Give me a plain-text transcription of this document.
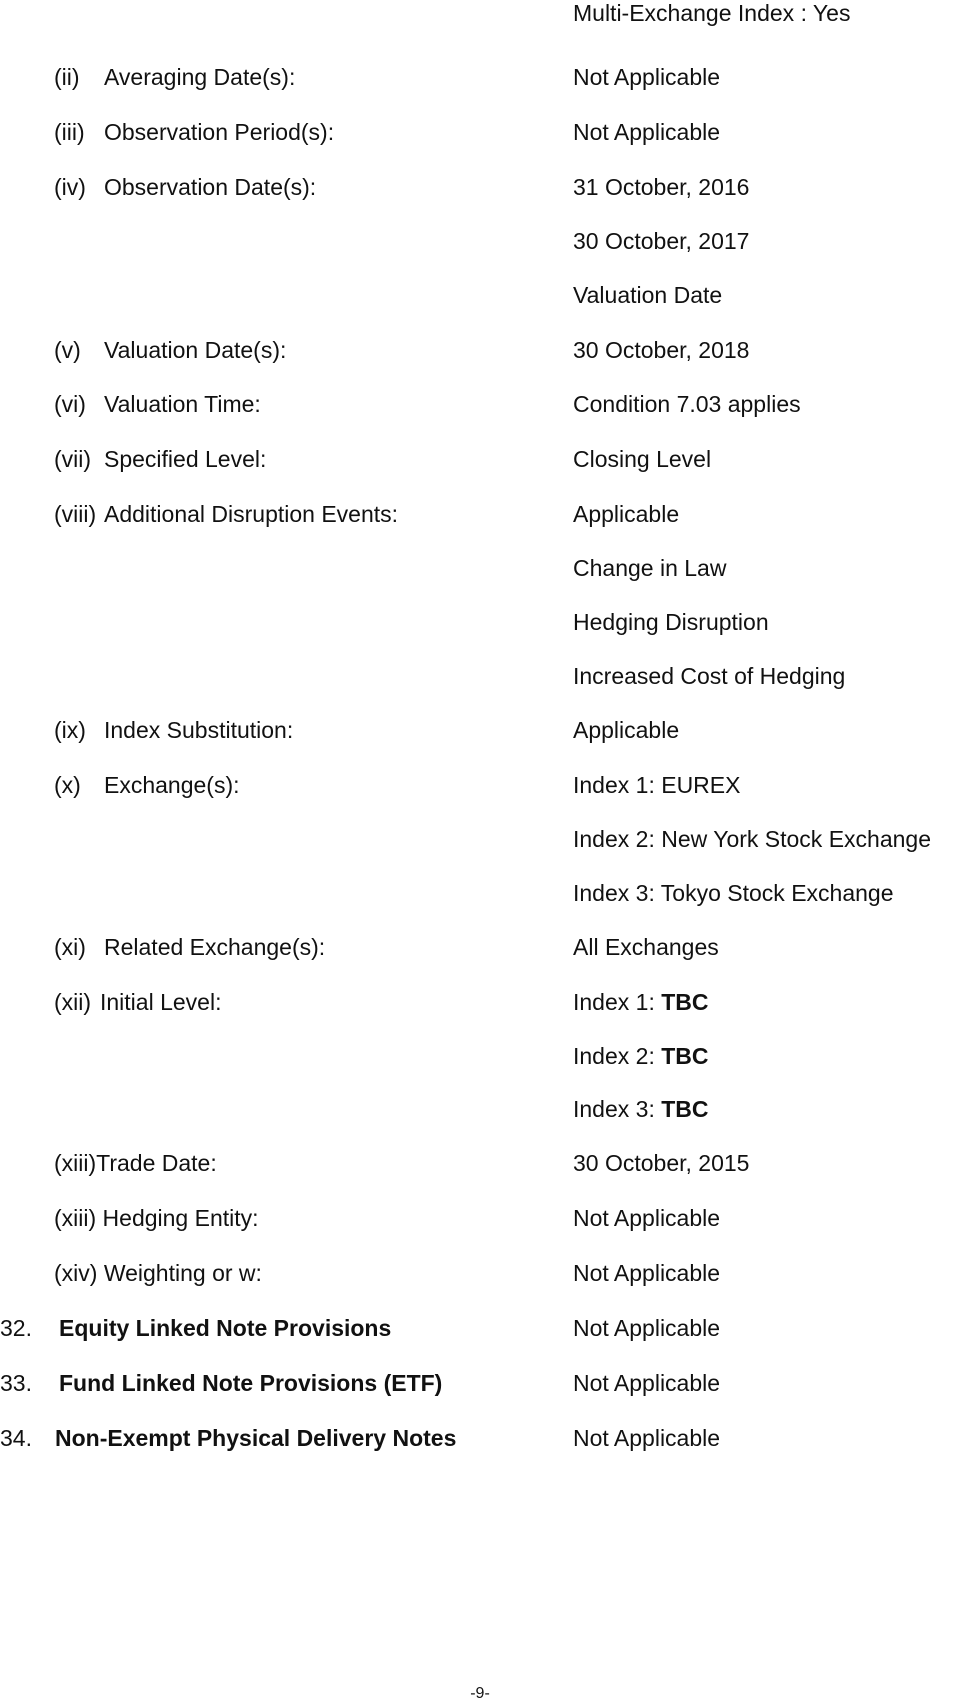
Multi-Exchange Index : Yes
(ii) Averaging Date(s):	Not Applicable
(iii) Observation Period(s):	Not Applicable
(iv) Observation Date(s):	31 October, 2016
30 October, 2017
Valuation Date
(v) Valuation Date(s):	30 October, 2018
(vi) Valuation Time:	Condition 7.03 applies
(vii) Specified Level:	Closing Level
(viii) Additional Disruption Events:	Applicable
Change in Law
Hedging Disruption
Increased Cost of Hedging
(ix) Index Substitution:	Applicable
(x) Exchange(s):	Index 1: EUREX
Index 2: New York Stock Exchange
Index 3: Tokyo Stock Exchange
(xi) Related Exchange(s):	All Exchanges
(xii) Initial Level:	Index 1: TBC
Index 2: TBC
Index 3: TBC
(xiii)Trade Date:	30 October, 2015
(xiii) Hedging Entity:	Not Applicable
(xiv) Weighting or w:	Not Applicable
32. Equity Linked Note Provisions	Not Applicable
33. Fund Linked Note Provisions (ETF)	Not Applicable
34. Non-Exempt Physical Delivery Notes	Not Applicable
-9-
